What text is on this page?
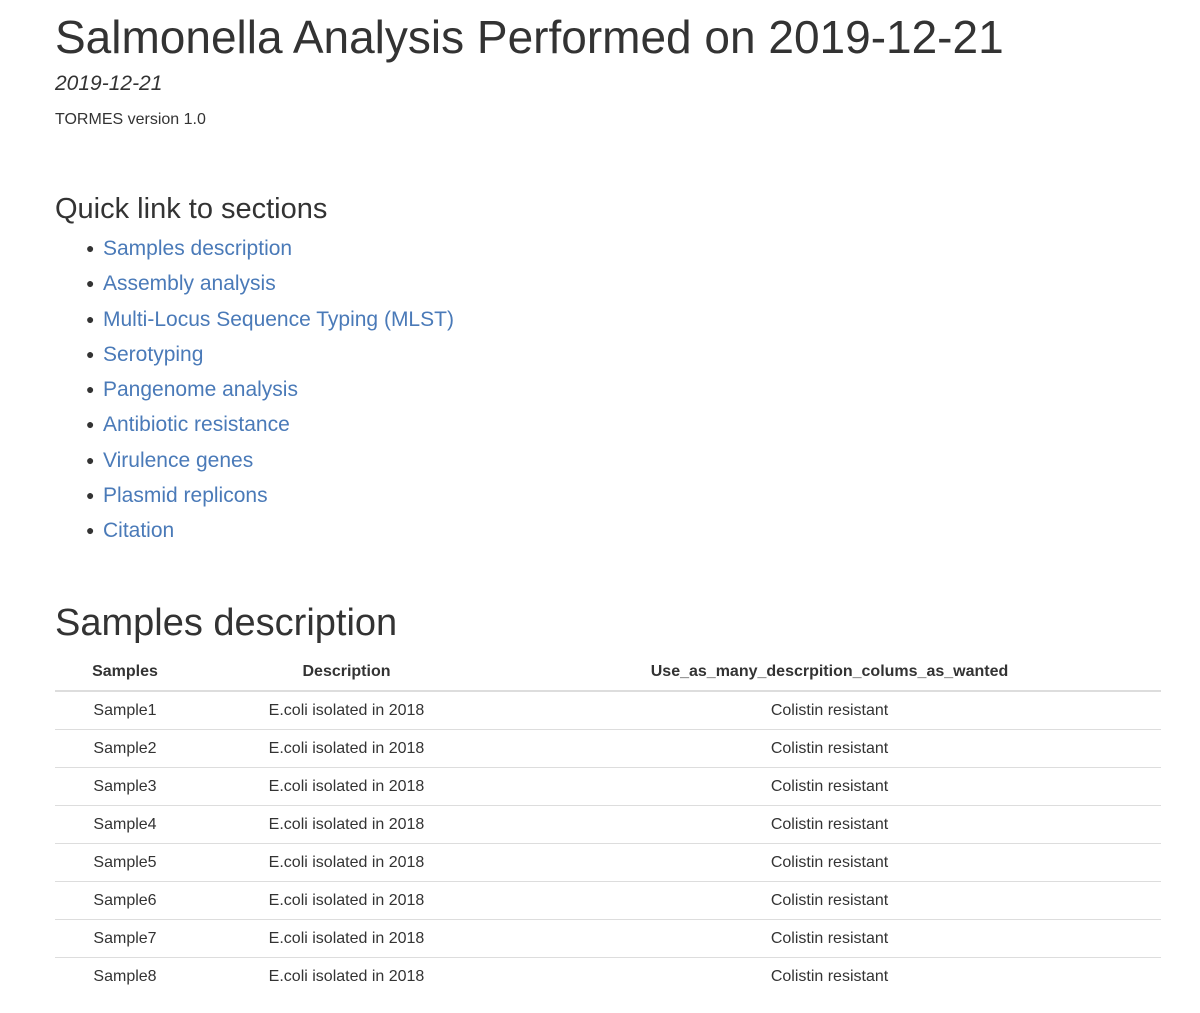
Salmonella Analysis Performed on 2019-12-21

2019-12-21

TORMES version 1.0

Quick link to sections
● Samples description
● Assembly analysis
● Multi-Locus Sequence Typing (MLST)
● Serotyping
● Pangenome analysis
● Antibiotic resistance
● Virulence genes
● Plasmid replicons
● Citation
Samples description
Samples	Description	Use_as_many_descrpition_colums_as_wanted
Sample1	E.coli isolated in 2018	Colistin resistant
Sample2	E.coli isolated in 2018	Colistin resistant
Sample3	E.coli isolated in 2018	Colistin resistant
Sample4	E.coli isolated in 2018	Colistin resistant
Sample5	E.coli isolated in 2018	Colistin resistant
Sample6	E.coli isolated in 2018	Colistin resistant
Sample7	E.coli isolated in 2018	Colistin resistant
Sample8	E.coli isolated in 2018	Colistin resistant
